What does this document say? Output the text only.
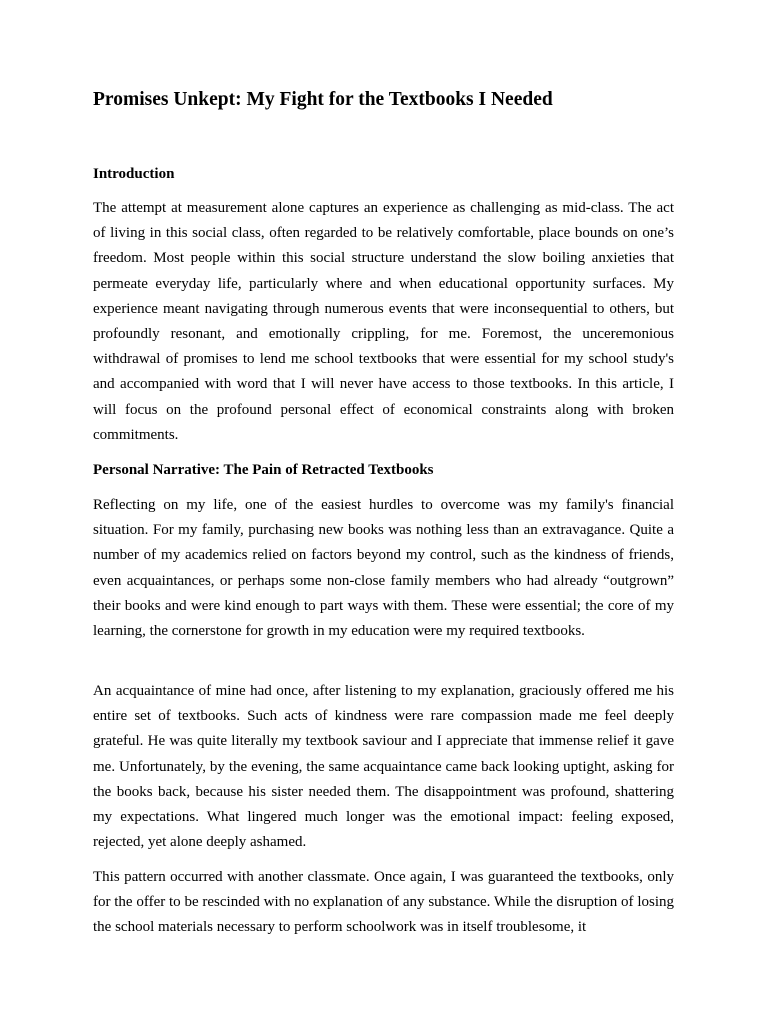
Promises Unkept: My Fight for the Textbooks I Needed
Introduction

The attempt at measurement alone captures an experience as challenging as mid-class. The act of living in this social class, often regarded to be relatively comfortable, place bounds on one’s freedom. Most people within this social structure understand the slow boiling anxieties that permeate everyday life, particularly where and when educational opportunity surfaces. My experience meant navigating through numerous events that were inconsequential to others, but profoundly resonant, and emotionally crippling, for me. Foremost, the unceremonious withdrawal of promises to lend me school textbooks that were essential for my school study's and accompanied with word that I will never have access to those textbooks. In this article, I will focus on the profound personal effect of economical constraints along with broken commitments.

Personal Narrative: The Pain of Retracted Textbooks

Reflecting on my life, one of the easiest hurdles to overcome was my family's financial situation. For my family, purchasing new books was nothing less than an extravagance. Quite a number of my academics relied on factors beyond my control, such as the kindness of friends, even acquaintances, or perhaps some non-close family members who had already “outgrown” their books and were kind enough to part ways with them. These were essential; the core of my learning, the cornerstone for growth in my education were my required textbooks.

An acquaintance of mine had once, after listening to my explanation, graciously offered me his entire set of textbooks. Such acts of kindness were rare compassion made me feel deeply grateful. He was quite literally my textbook saviour and I appreciate that immense relief it gave me. Unfortunately, by the evening, the same acquaintance came back looking uptight, asking for the books back, because his sister needed them. The disappointment was profound, shattering my expectations. What lingered much longer was the emotional impact: feeling exposed, rejected, yet alone deeply ashamed.

This pattern occurred with another classmate. Once again, I was guaranteed the textbooks, only for the offer to be rescinded with no explanation of any substance. While the disruption of losing the school materials necessary to perform schoolwork was in itself troublesome, it
